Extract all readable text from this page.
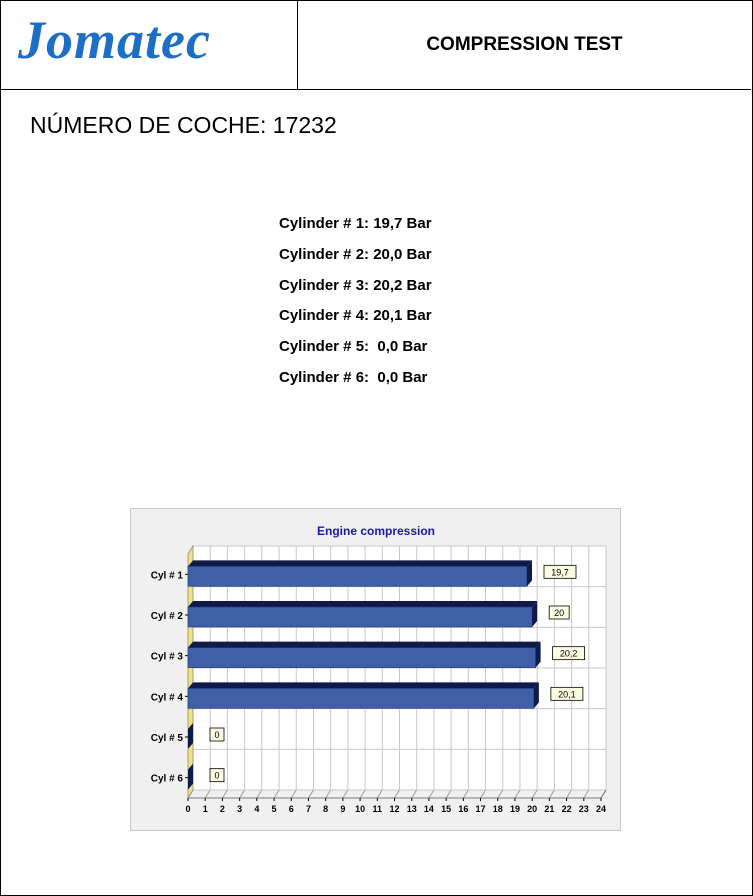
Jomatec	COMPRESSION TEST
NÚMERO DE COCHE: 17232
Cylinder # 1: 19,7 Bar
Cylinder # 2: 20,0 Bar
Cylinder # 3: 20,2 Bar
Cylinder # 4: 20,1 Bar
Cylinder # 5:  0,0 Bar
Cylinder # 6:  0,0 Bar
Engine compression
Cyl # 1
Cyl # 2
Cyl # 3
Cyl # 4
Cyl # 5
Cyl # 6
19,7
20
20,2
20,1
0
0
0 1 2 3 4 5 6 7 8 9 10 11 12 13 14 15 16 17 18 19 20 21 22 23 24
